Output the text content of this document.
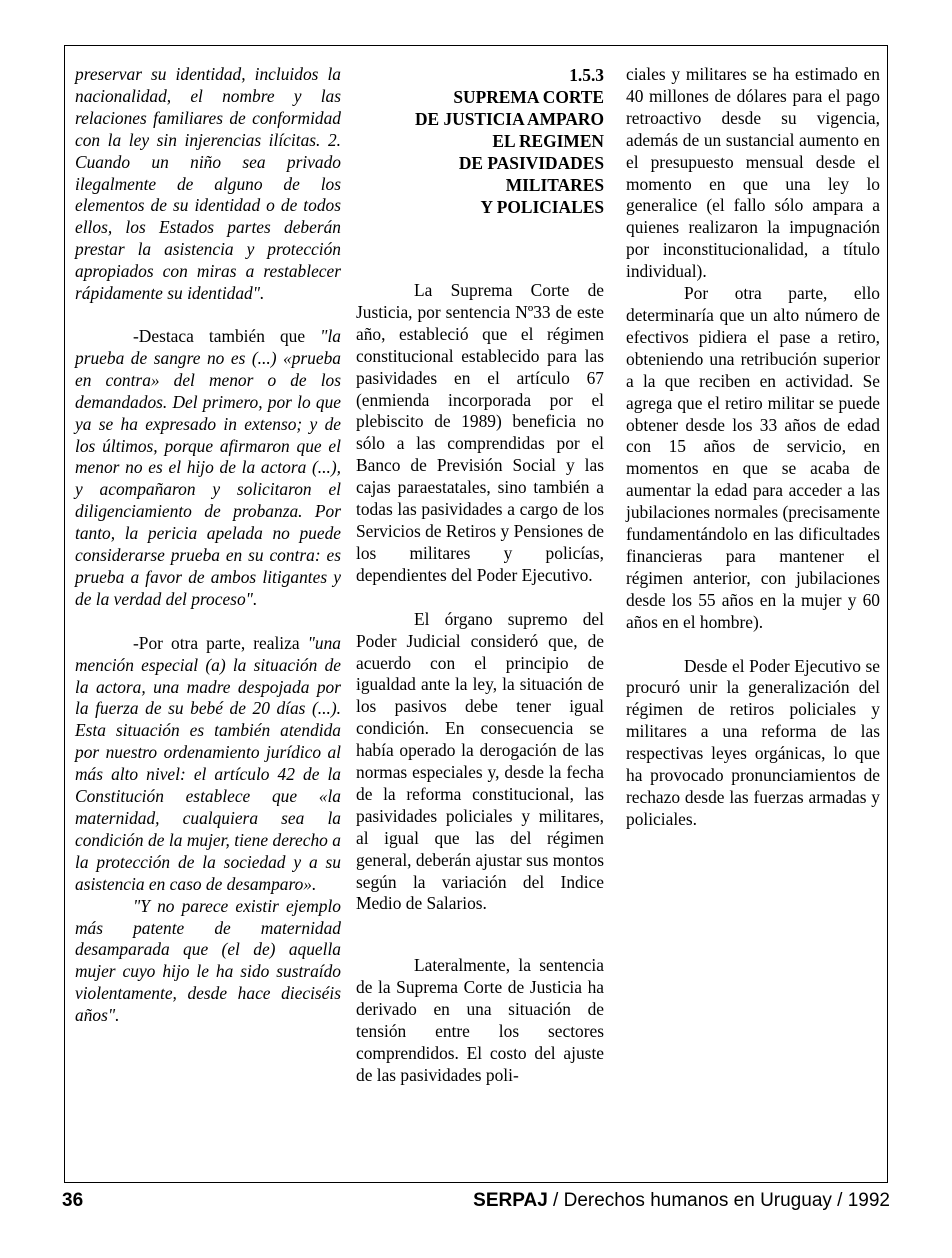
preservar su identidad, incluidos la nacionalidad, el nombre y las relaciones familiares de conformidad con la ley sin injerencias ilícitas. 2. Cuando un niño sea privado ilegalmente de alguno de los elementos de su identidad o de todos ellos, los Estados partes deberán prestar la asistencia y protección apropiados con miras a restablecer rápidamente su identidad".

-Destaca también que "la prueba de sangre no es (...) «prueba en contra» del menor o de los demandados. Del primero, por lo que ya se ha expresado in extenso; y de los últimos, porque afirmaron que el menor no es el hijo de la actora (...), y acompañaron y solicitaron el diligenciamiento de probanza. Por tanto, la pericia apelada no puede considerarse prueba en su contra: es prueba a favor de ambos litigantes y de la verdad del proceso".

-Por otra parte, realiza "una mención especial (a) la situación de la actora, una madre despojada por la fuerza de su bebé de 20 días (...). Esta situación es también atendida por nuestro ordenamiento jurídico al más alto nivel: el artículo 42 de la Constitución establece que «la maternidad, cualquiera sea la condición de la mujer, tiene derecho a la protección de la sociedad y a su asistencia en caso de desamparo».

"Y no parece existir ejemplo más patente de maternidad desamparada que (el de) aquella mujer cuyo hijo le ha sido sustraído violentamente, desde hace dieciséis años".

1.5.3
SUPREMA CORTE
DE JUSTICIA AMPARO
EL REGIMEN
DE PASIVIDADES
MILITARES
Y POLICIALES

La Suprema Corte de Justicia, por sentencia Nº33 de este año, estableció que el régimen constitucional establecido para las pasividades en el artículo 67 (enmienda incorporada por el plebiscito de 1989) beneficia no sólo a las comprendidas por el Banco de Previsión Social y las cajas paraestatales, sino también a todas las pasividades a cargo de los Servicios de Retiros y Pensiones de los militares y policías, dependientes del Poder Ejecutivo.

El órgano supremo del Poder Judicial consideró que, de acuerdo con el principio de igualdad ante la ley, la situación de los pasivos debe tener igual condición. En consecuencia se había operado la derogación de las normas especiales y, desde la fecha de la reforma constitucional, las pasividades policiales y militares, al igual que las del régimen general, deberán ajustar sus montos según la variación del Indice Medio de Salarios.

Lateralmente, la sentencia de la Suprema Corte de Justicia ha derivado en una situación de tensión entre los sectores comprendidos. El costo del ajuste de las pasividades poli-

ciales y militares se ha estimado en 40 millones de dólares para el pago retroactivo desde su vigencia, además de un sustancial aumento en el presupuesto mensual desde el momento en que una ley lo generalice (el fallo sólo ampara a quienes realizaron la impugnación por inconstitucionalidad, a título individual).

Por otra parte, ello determinaría que un alto número de efectivos pidiera el pase a retiro, obteniendo una retribución superior a la que reciben en actividad. Se agrega que el retiro militar se puede obtener desde los 33 años de edad con 15 años de servicio, en momentos en que se acaba de aumentar la edad para acceder a las jubilaciones normales (precisamente fundamentándolo en las dificultades financieras para mantener el régimen anterior, con jubilaciones desde los 55 años en la mujer y 60 años en el hombre).

Desde el Poder Ejecutivo se procuró unir la generalización del régimen de retiros policiales y militares a una reforma de las respectivas leyes orgánicas, lo que ha provocado pronunciamientos de rechazo desde las fuerzas armadas y policiales.

36	SERPAJ / Derechos humanos en Uruguay / 1992
